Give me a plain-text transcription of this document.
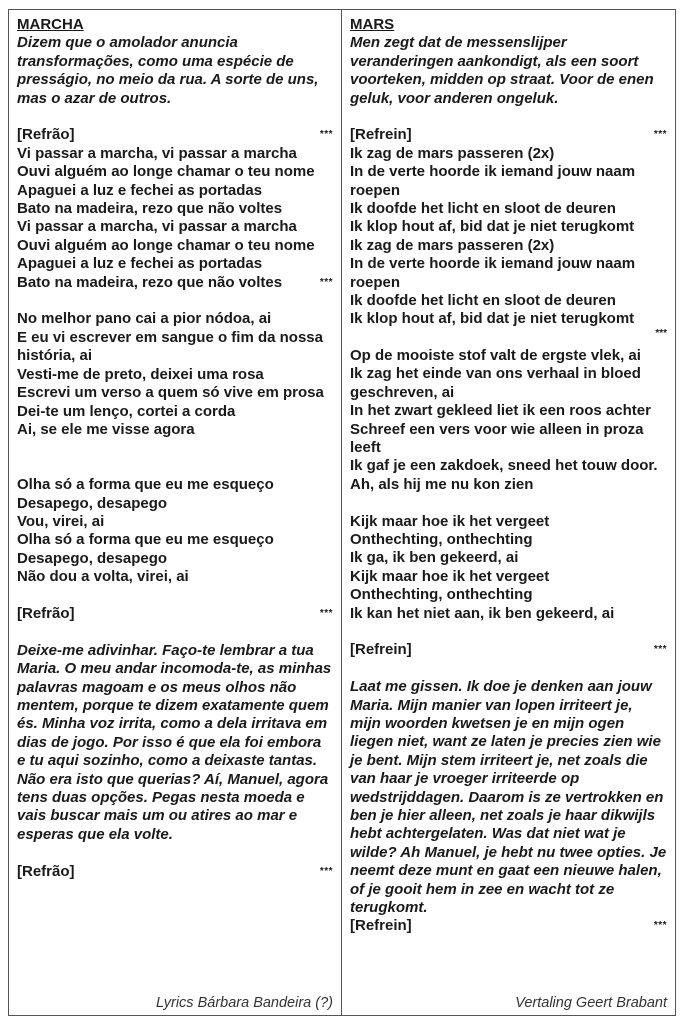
MARCHA
Dizem que o amolador anuncia transformações, como uma espécie de presságio, no meio da rua. A sorte de uns, mas o azar de outros.
[Refrão]	***
Vi passar a marcha, vi passar a marcha
Ouvi alguém ao longe chamar o teu nome
Apaguei a luz e fechei as portadas
Bato na madeira, rezo que não voltes
Vi passar a marcha, vi passar a marcha
Ouvi alguém ao longe chamar o teu nome
Apaguei a luz e fechei as portadas
Bato na madeira, rezo que não voltes	***
No melhor pano cai a pior nódoa, ai
E eu vi escrever em sangue o fim da nossa história, ai
Vesti-me de preto, deixei uma rosa
Escrevi um verso a quem só vive em prosa
Dei-te um lenço, cortei a corda
Ai, se ele me visse agora
Olha só a forma que eu me esqueço
Desapego, desapego
Vou, virei, ai
Olha só a forma que eu me esqueço
Desapego, desapego
Não dou a volta, virei, ai
[Refrão]	***
Deixe-me adivinhar. Faço-te lembrar a tua Maria. O meu andar incomoda-te, as minhas palavras magoam e os meus olhos não mentem, porque te dizem exatamente quem és. Minha voz irrita, como a dela irritava em dias de jogo. Por isso é que ela foi embora e tu aqui sozinho, como a deixaste tantas. Não era isto que querias? Aí, Manuel, agora tens duas opções. Pegas nesta moeda e vais buscar mais um ou atires ao mar e esperas que ela volte.
[Refrão]	***
Lyrics Bárbara Bandeira (?)
MARS
Men zegt dat de messenslijper veranderingen aankondigt, als een soort voorteken, midden op straat. Voor de enen geluk, voor anderen ongeluk.
[Refrein]	***
Ik zag de mars passeren (2x)
In de verte hoorde ik iemand jouw naam roepen
Ik doofde het licht en sloot de deuren
Ik klop hout af, bid dat je niet terugkomt
Ik zag de mars passeren (2x)
In de verte hoorde ik iemand jouw naam roepen
Ik doofde het licht en sloot de deuren
Ik klop hout af, bid dat je niet terugkomt
***
Op de mooiste stof valt de ergste vlek, ai
Ik zag het einde van ons verhaal in bloed geschreven, ai
In het zwart gekleed liet ik een roos achter
Schreef een vers voor wie alleen in proza leeft
Ik gaf je een zakdoek, sneed het touw door.    Ah, als hij me nu kon zien
Kijk maar hoe ik het vergeet
Onthechting, onthechting
Ik ga, ik ben gekeerd, ai
Kijk maar hoe ik het vergeet
Onthechting, onthechting
Ik kan het niet aan, ik ben gekeerd, ai
[Refrein]	***
Laat me gissen. Ik doe je denken aan jouw Maria. Mijn manier van lopen irriteert je, mijn woorden kwetsen je en mijn ogen liegen niet, want ze laten je precies zien wie je bent. Mijn stem irriteert je, net zoals die van haar je vroeger irriteerde op wedstrijddagen. Daarom is ze vertrokken en ben je hier alleen, net zoals je haar dikwijls hebt achtergelaten. Was dat niet wat je wilde? Ah Manuel, je hebt nu twee opties. Je neemt deze munt en gaat een nieuwe halen, of je gooit hem in zee en wacht tot ze terugkomt.
[Refrein]	***
Vertaling Geert Brabant
